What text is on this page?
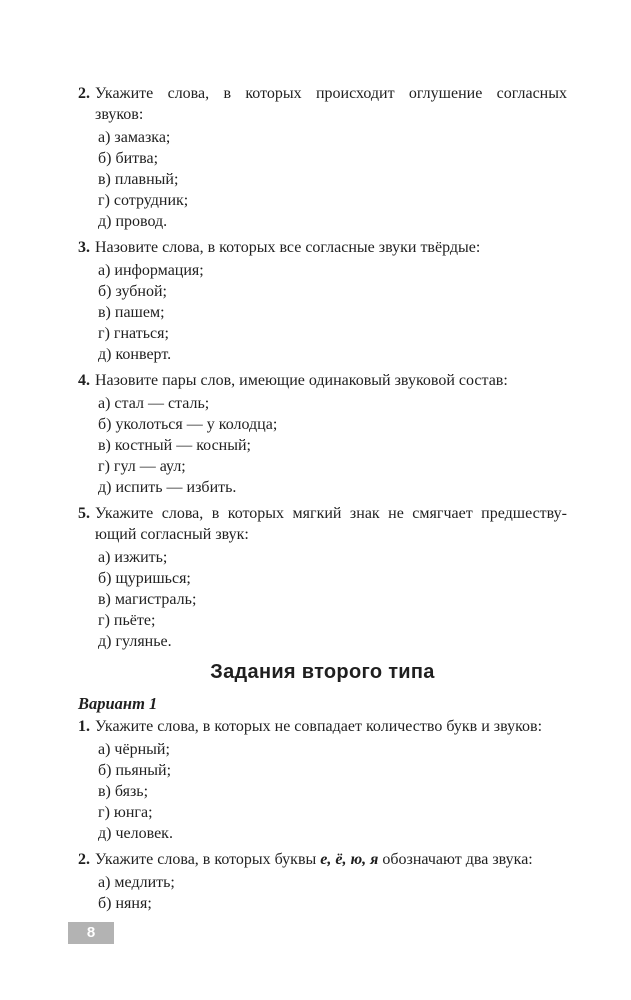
2. Укажите слова, в которых происходит оглушение согласных
звуков:
а) замазка;
б) битва;
в) плавный;
г) сотрудник;
д) провод.
3. Назовите слова, в которых все согласные звуки твёрдые:
а) информация;
б) зубной;
в) пашем;
г) гнаться;
д) конверт.
4. Назовите пары слов, имеющие одинаковый звуковой состав:
а) стал — сталь;
б) уколоться — у колодца;
в) костный — косный;
г) гул — аул;
д) испить — избить.
5. Укажите слова, в которых мягкий знак не смягчает предшеству-
ющий согласный звук:
а) изжить;
б) щуришься;
в) магистраль;
г) пьёте;
д) гулянье.
Задания второго типа
Вариант 1
1. Укажите слова, в которых не совпадает количество букв и звуков:
а) чёрный;
б) пьяный;
в) бязь;
г) юнга;
д) человек.
2. Укажите слова, в которых буквы е, ё, ю, я обозначают два звука:
а) медлить;
б) няня;
8
